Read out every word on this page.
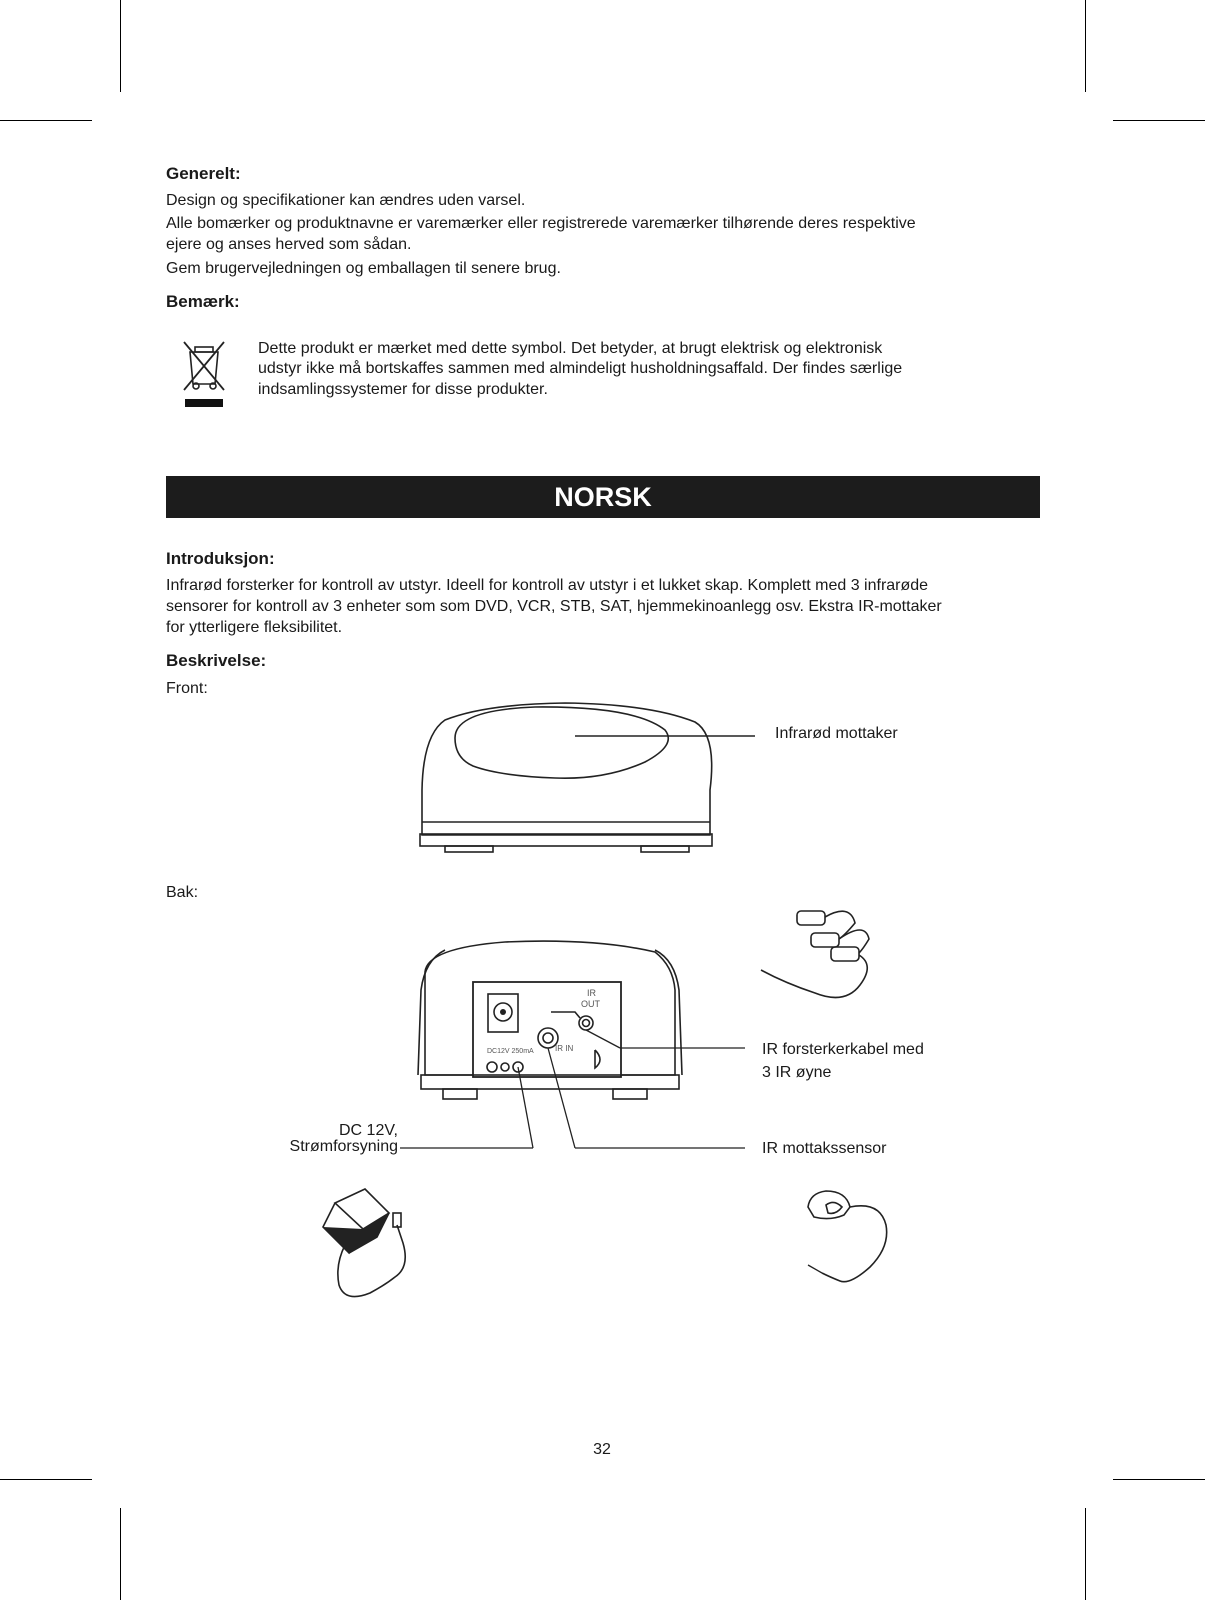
Generelt:

Design og specifikationer kan ændres uden varsel.

Alle bomærker og produktnavne er varemærker eller registrerede varemærker tilhørende deres respektive

ejere og anses herved som sådan.

Gem brugervejledningen og emballagen til senere brug.

Bemærk:

Dette produkt er mærket med dette symbol. Det betyder, at brugt elektrisk og elektronisk

udstyr ikke må bortskaffes sammen med almindeligt husholdningsaffald. Der findes særlige

indsamlingssystemer for disse produkter.

NORSK
Introduksjon:

Infrarød forsterker for kontroll av utstyr. Ideell for kontroll av utstyr i et lukket skap. Komplett med 3 infrarøde

sensorer for kontroll av 3 enheter som som DVD, VCR, STB, SAT, hjemmekinoanlegg osv. Ekstra IR-mottaker

for ytterligere fleksibilitet.

Beskrivelse:

Front:

Infrarød mottaker

Bak:

IR
OUT
DC12V 250mA	IR IN	IR forsterkerkabel med
3 IR øyne
DC 12V,
Strømforsyning	IR mottakssensor
32
